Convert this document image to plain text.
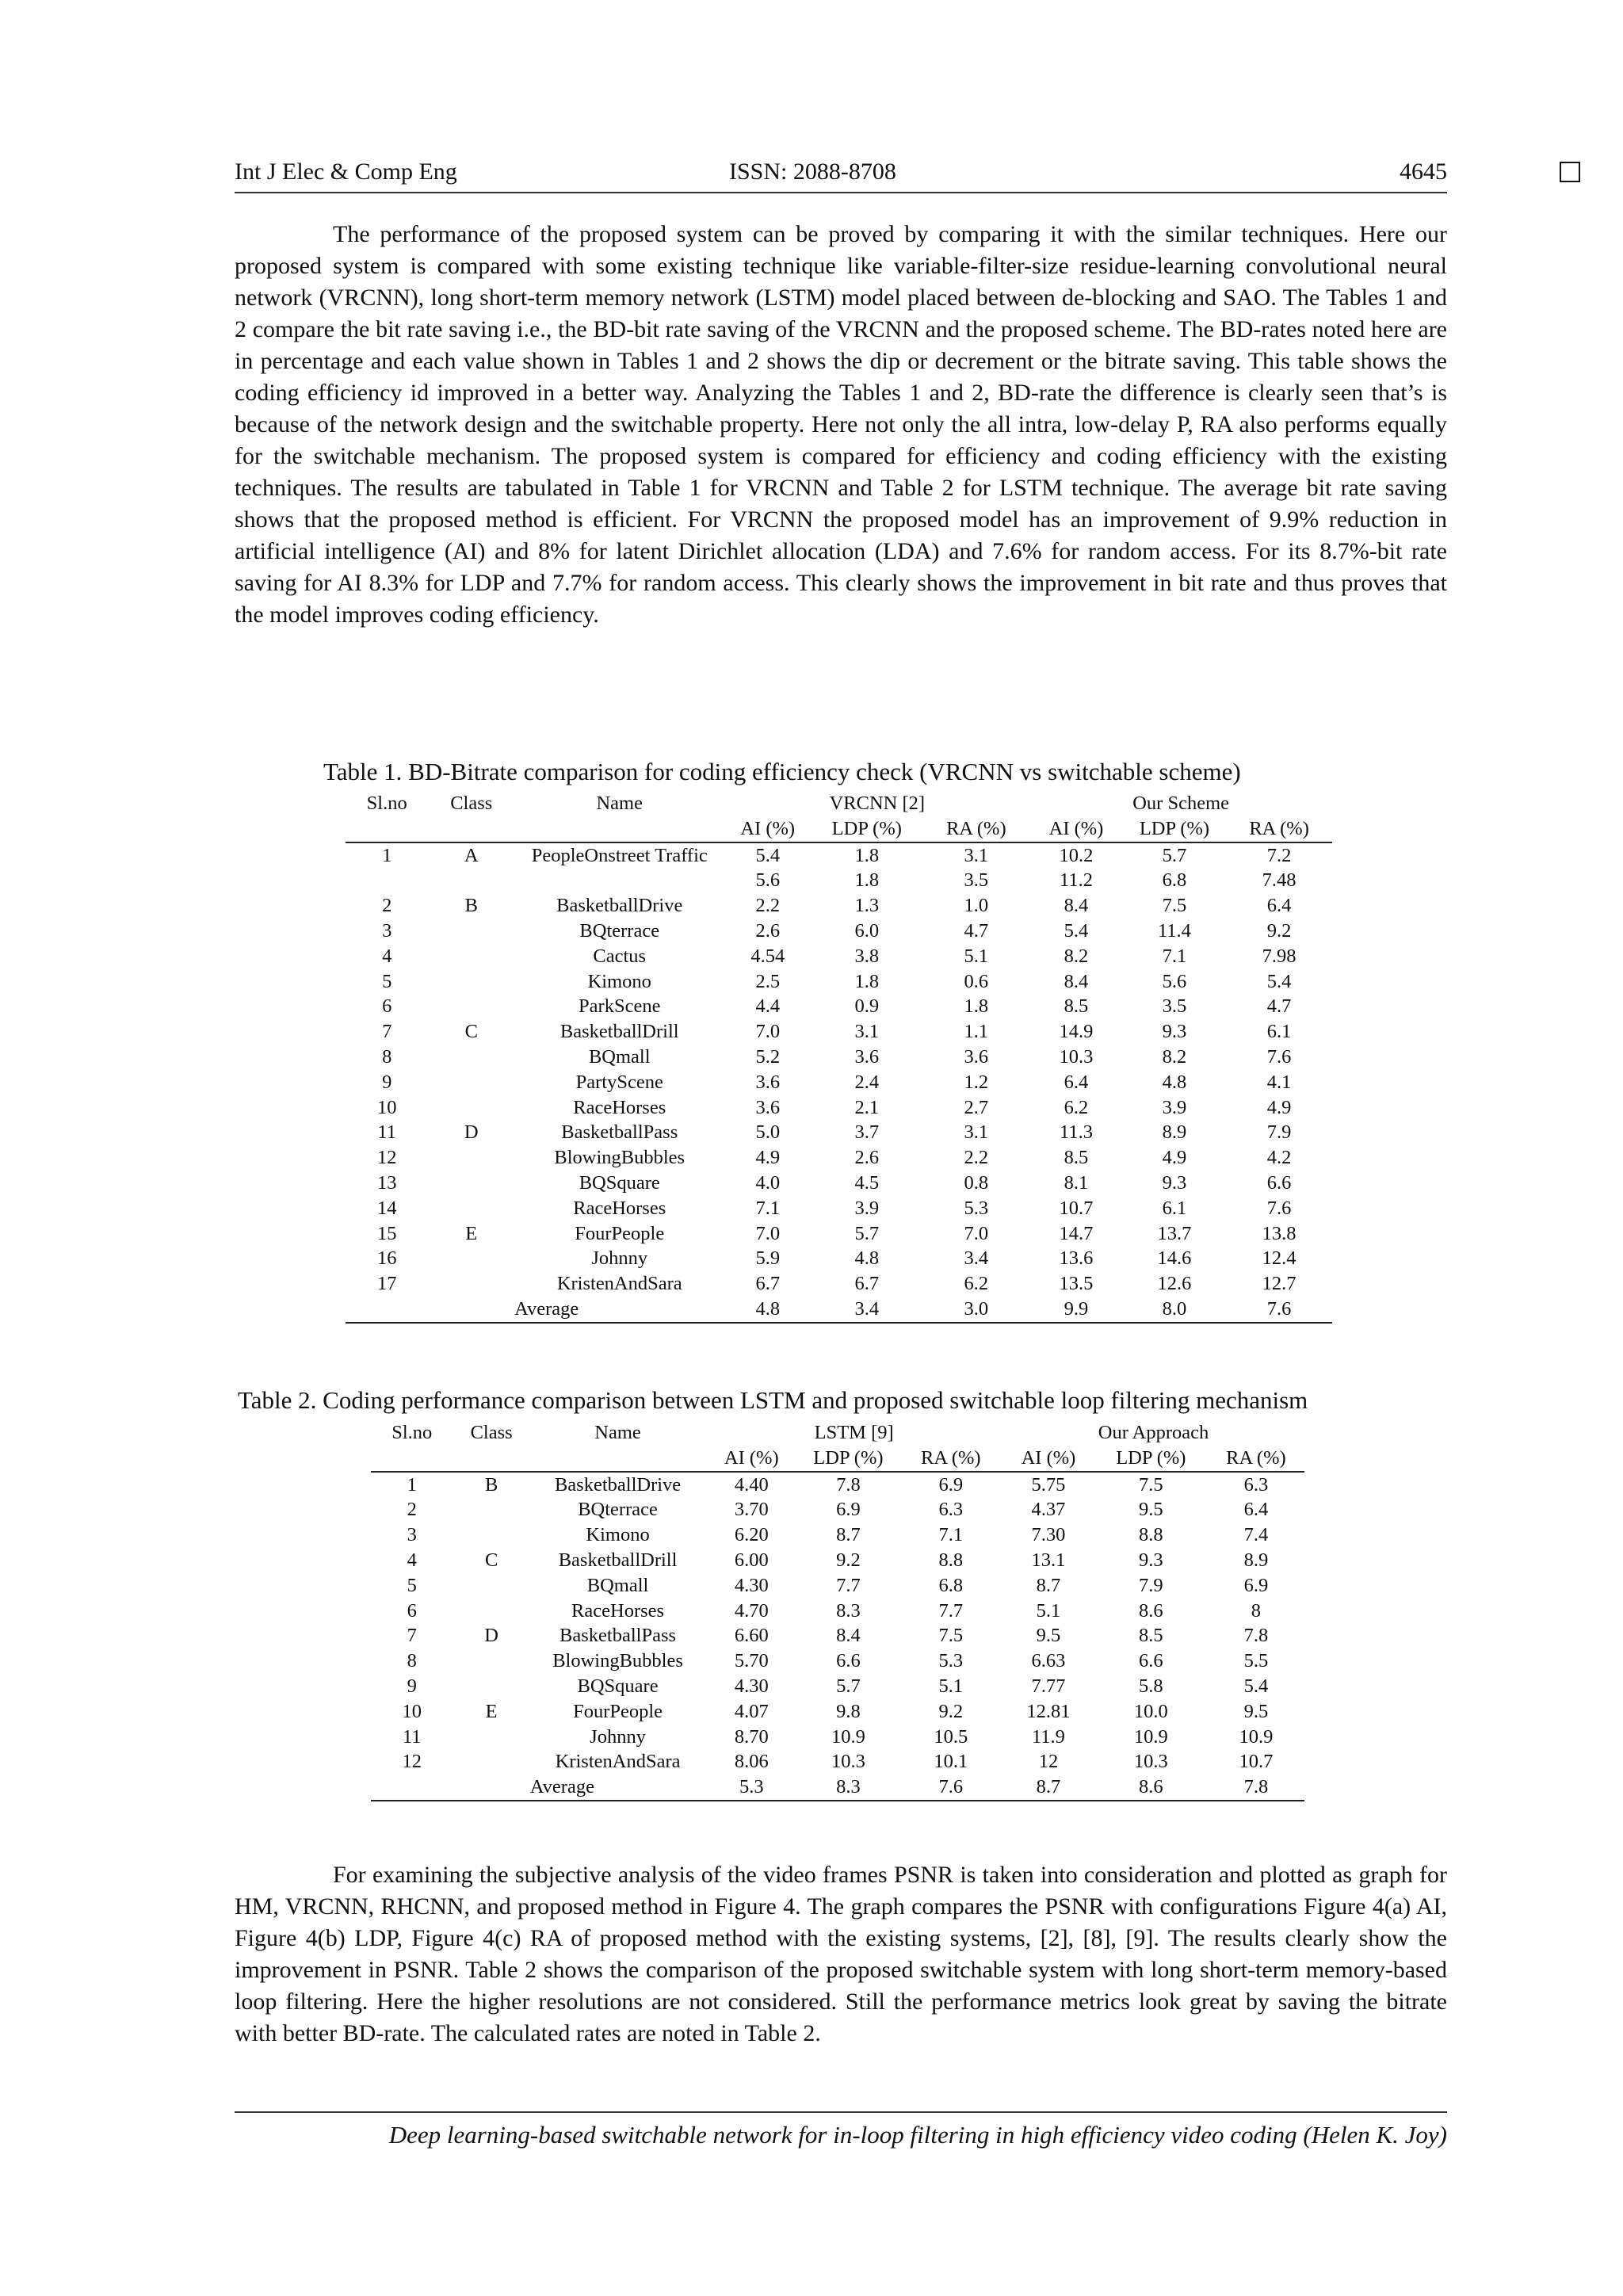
Int J Elec & Comp Eng	ISSN: 2088-8708	4645

The performance of the proposed system can be proved by comparing it with the similar techniques. Here our proposed system is compared with some existing technique like variable-filter-size residue-learning convolutional neural network (VRCNN), long short-term memory network (LSTM) model placed between de-blocking and SAO. The Tables 1 and 2 compare the bit rate saving i.e., the BD-bit rate saving of the VRCNN and the proposed scheme. The BD-rates noted here are in percentage and each value shown in Tables 1 and 2 shows the dip or decrement or the bitrate saving. This table shows the coding efficiency id improved in a better way. Analyzing the Tables 1 and 2, BD-rate the difference is clearly seen that’s is because of the network design and the switchable property. Here not only the all intra, low-delay P, RA also performs equally for the switchable mechanism. The proposed system is compared for efficiency and coding efficiency with the existing techniques. The results are tabulated in Table 1 for VRCNN and Table 2 for LSTM technique. The average bit rate saving shows that the proposed method is efficient. For VRCNN the proposed model has an improvement of 9.9% reduction in artificial intelligence (AI) and 8% for latent Dirichlet allocation (LDA) and 7.6% for random access. For its 8.7%-bit rate saving for AI 8.3% for LDP and 7.7% for random access. This clearly shows the improvement in bit rate and thus proves that the model improves coding efficiency.

Table 1. BD-Bitrate comparison for coding efficiency check (VRCNN vs switchable scheme)
Sl.no	Class	Name	VRCNN [2]			Our Scheme		
			AI (%)	LDP (%)	RA (%)	AI (%)	LDP (%)	RA (%)
1	A	PeopleOnstreet Traffic	5.4	1.8	3.1	10.2	5.7	7.2
			5.6	1.8	3.5	11.2	6.8	7.48
2	B	BasketballDrive	2.2	1.3	1.0	8.4	7.5	6.4
3		BQterrace	2.6	6.0	4.7	5.4	11.4	9.2
4		Cactus	4.54	3.8	5.1	8.2	7.1	7.98
5		Kimono	2.5	1.8	0.6	8.4	5.6	5.4
6		ParkScene	4.4	0.9	1.8	8.5	3.5	4.7
7	C	BasketballDrill	7.0	3.1	1.1	14.9	9.3	6.1
8		BQmall	5.2	3.6	3.6	10.3	8.2	7.6
9		PartyScene	3.6	2.4	1.2	6.4	4.8	4.1
10		RaceHorses	3.6	2.1	2.7	6.2	3.9	4.9
11	D	BasketballPass	5.0	3.7	3.1	11.3	8.9	7.9
12		BlowingBubbles	4.9	2.6	2.2	8.5	4.9	4.2
13		BQSquare	4.0	4.5	0.8	8.1	9.3	6.6
14		RaceHorses	7.1	3.9	5.3	10.7	6.1	7.6
15	E	FourPeople	7.0	5.7	7.0	14.7	13.7	13.8
16		Johnny	5.9	4.8	3.4	13.6	14.6	12.4
17		KristenAndSara	6.7	6.7	6.2	13.5	12.6	12.7
		Average	4.8	3.4	3.0	9.9	8.0	7.6
Table 2. Coding performance comparison between LSTM and proposed switchable loop filtering mechanism
Sl.no	Class	Name	LSTM [9]			Our Approach		
			AI (%)	LDP (%)	RA (%)	AI (%)	LDP (%)	RA (%)
1	B	BasketballDrive	4.40	7.8	6.9	5.75	7.5	6.3
2		BQterrace	3.70	6.9	6.3	4.37	9.5	6.4
3		Kimono	6.20	8.7	7.1	7.30	8.8	7.4
4	C	BasketballDrill	6.00	9.2	8.8	13.1	9.3	8.9
5		BQmall	4.30	7.7	6.8	8.7	7.9	6.9
6		RaceHorses	4.70	8.3	7.7	5.1	8.6	8
7	D	BasketballPass	6.60	8.4	7.5	9.5	8.5	7.8
8		BlowingBubbles	5.70	6.6	5.3	6.63	6.6	5.5
9		BQSquare	4.30	5.7	5.1	7.77	5.8	5.4
10	E	FourPeople	4.07	9.8	9.2	12.81	10.0	9.5
11		Johnny	8.70	10.9	10.5	11.9	10.9	10.9
12		KristenAndSara	8.06	10.3	10.1	12	10.3	10.7
		Average	5.3	8.3	7.6	8.7	8.6	7.8

For examining the subjective analysis of the video frames PSNR is taken into consideration and plotted as graph for HM, VRCNN, RHCNN, and proposed method in Figure 4. The graph compares the PSNR with configurations Figure 4(a) AI, Figure 4(b) LDP, Figure 4(c) RA of proposed method with the existing systems, [2], [8], [9]. The results clearly show the improvement in PSNR. Table 2 shows the comparison of the proposed switchable system with long short-term memory-based loop filtering. Here the higher resolutions are not considered. Still the performance metrics look great by saving the bitrate with better BD-rate. The calculated rates are noted in Table 2.

Deep learning-based switchable network for in-loop filtering in high efficiency video coding (Helen K. Joy)
